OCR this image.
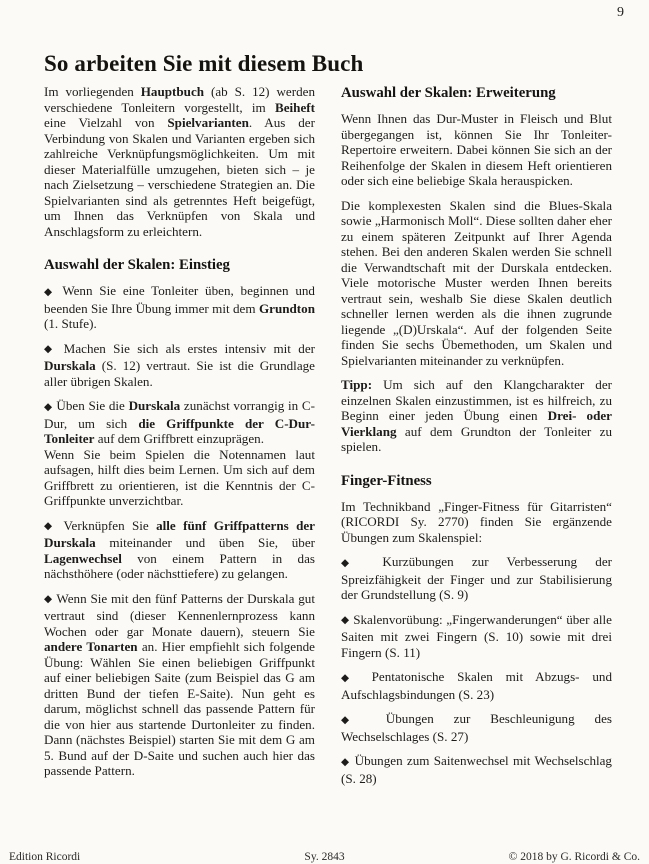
9
So arbeiten Sie mit diesem Buch

Im vorliegenden Hauptbuch (ab S. 12) werden verschiedene Tonleitern vorgestellt, im Beiheft eine Vielzahl von Spielvarianten. Aus der Verbindung von Skalen und Varianten ergeben sich zahlreiche Verknüpfungsmöglichkeiten. Um mit dieser Materialfülle umzugehen, bieten sich – je nach Zielsetzung – verschiedene Strategien an. Die Spielvarianten sind als getrenntes Heft beigefügt, um Ihnen das Verknüpfen von Skala und Anschlagsform zu erleichtern.

Auswahl der Skalen: Einstieg

◆ Wenn Sie eine Tonleiter üben, beginnen und beenden Sie Ihre Übung immer mit dem Grundton (1. Stufe).

◆ Machen Sie sich als erstes intensiv mit der Durskala (S. 12) vertraut. Sie ist die Grundlage aller übrigen Skalen.

◆ Üben Sie die Durskala zunächst vorrangig in C-Dur, um sich die Griffpunkte der C-Dur-Tonleiter auf dem Griffbrett einzuprägen.

Wenn Sie beim Spielen die Notennamen laut aufsagen, hilft dies beim Lernen. Um sich auf dem Griffbrett zu orientieren, ist die Kenntnis der C-Griffpunkte unverzichtbar.

◆ Verknüpfen Sie alle fünf Griffpatterns der Durskala miteinander und üben Sie, über Lagenwechsel von einem Pattern in das nächsthöhere (oder nächsttiefere) zu gelangen.

◆ Wenn Sie mit den fünf Patterns der Durskala gut vertraut sind (dieser Kennenlernprozess kann Wochen oder gar Monate dauern), steuern Sie andere Tonarten an. Hier empfiehlt sich folgende Übung: Wählen Sie einen beliebigen Griffpunkt auf einer beliebigen Saite (zum Beispiel das G am dritten Bund der tiefen E-Saite). Nun geht es darum, möglichst schnell das passende Pattern für die von hier aus startende Durtonleiter zu finden. Dann (nächstes Beispiel) starten Sie mit dem G am 5. Bund auf der D-Saite und suchen auch hier das passende Pattern.

Auswahl der Skalen: Erweiterung

Wenn Ihnen das Dur-Muster in Fleisch und Blut übergegangen ist, können Sie Ihr Tonleiter-Repertoire erweitern. Dabei können Sie sich an der Reihenfolge der Skalen in diesem Heft orientieren oder sich eine beliebige Skala herauspicken.

Die komplexesten Skalen sind die Blues-Skala sowie „Harmonisch Moll“. Diese sollten daher eher zu einem späteren Zeitpunkt auf Ihrer Agenda stehen. Bei den anderen Skalen werden Sie schnell die Verwandtschaft mit der Durskala entdecken. Viele motorische Muster werden Ihnen bereits vertraut sein, weshalb Sie diese Skalen deutlich schneller lernen werden als die ihnen zugrunde liegende „(D)Urskala“. Auf der folgenden Seite finden Sie sechs Übemethoden, um Skalen und Spielvarianten miteinander zu verknüpfen.

Tipp: Um sich auf den Klangcharakter der einzelnen Skalen einzustimmen, ist es hilfreich, zu Beginn einer jeden Übung einen Drei- oder Vierklang auf dem Grundton der Tonleiter zu spielen.

Finger-Fitness

Im Technikband „Finger-Fitness für Gitarristen“ (RICORDI Sy. 2770) finden Sie ergänzende Übungen zum Skalenspiel:

◆ Kurzübungen zur Verbesserung der Spreizfähigkeit der Finger und zur Stabilisierung der Grundstellung (S. 9)

◆ Skalenvorübung: „Fingerwanderungen“ über alle Saiten mit zwei Fingern (S. 10) sowie mit drei Fingern (S. 11)

◆ Pentatonische Skalen mit Abzugs- und Aufschlagsbindungen (S. 23)

◆ Übungen zur Beschleunigung des Wechselschlages (S. 27)

◆ Übungen zum Saitenwechsel mit Wechselschlag (S. 28)

Edition Ricordi	Sy. 2843	© 2018 by G. Ricordi & Co.
